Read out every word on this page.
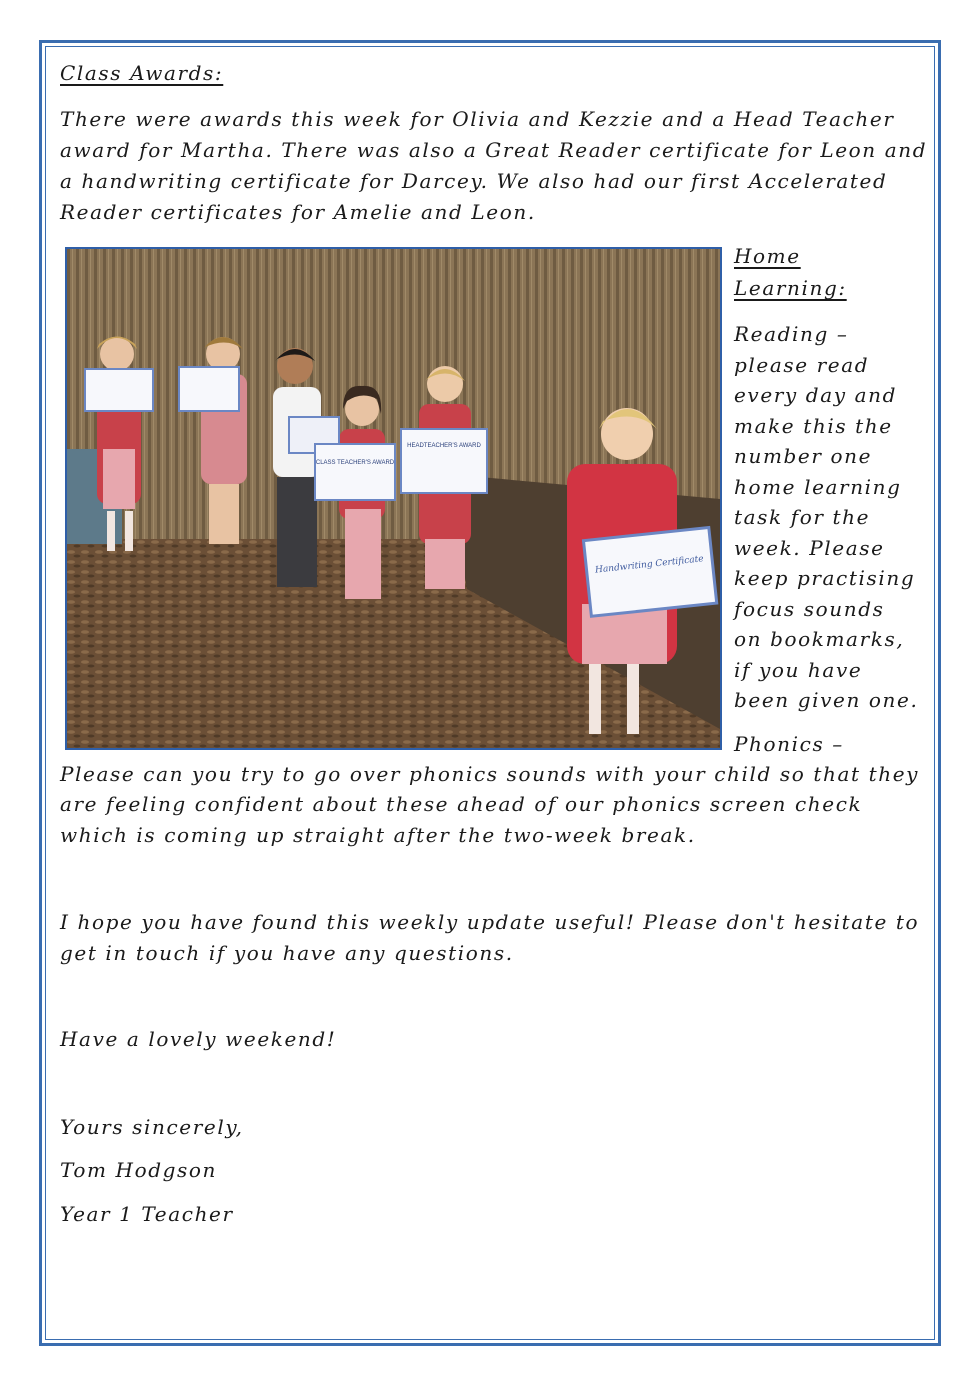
Class Awards:
There were awards this week for Olivia and Kezzie and a Head Teacher
award for Martha. There was also a Great Reader certificate for Leon and
a handwriting certificate for Darcey. We also had our first Accelerated
Reader certificates for Amelie and Leon.
CLASS TEACHER'S AWARD
HEADTEACHER'S AWARD
Handwriting Certificate
Home
Learning:
Reading –
please read
every day and
make this the
number one
home learning
task for the
week. Please
keep practising
focus sounds
on bookmarks,
if you have
been given one.
Phonics –
Please can you try to go over phonics sounds with your child so that they
are feeling confident about these ahead of our phonics screen check
which is coming up straight after the two-week break.
I hope you have found this weekly update useful! Please don't hesitate to
get in touch if you have any questions.
Have a lovely weekend!
Yours sincerely,
Tom Hodgson
Year 1 Teacher
